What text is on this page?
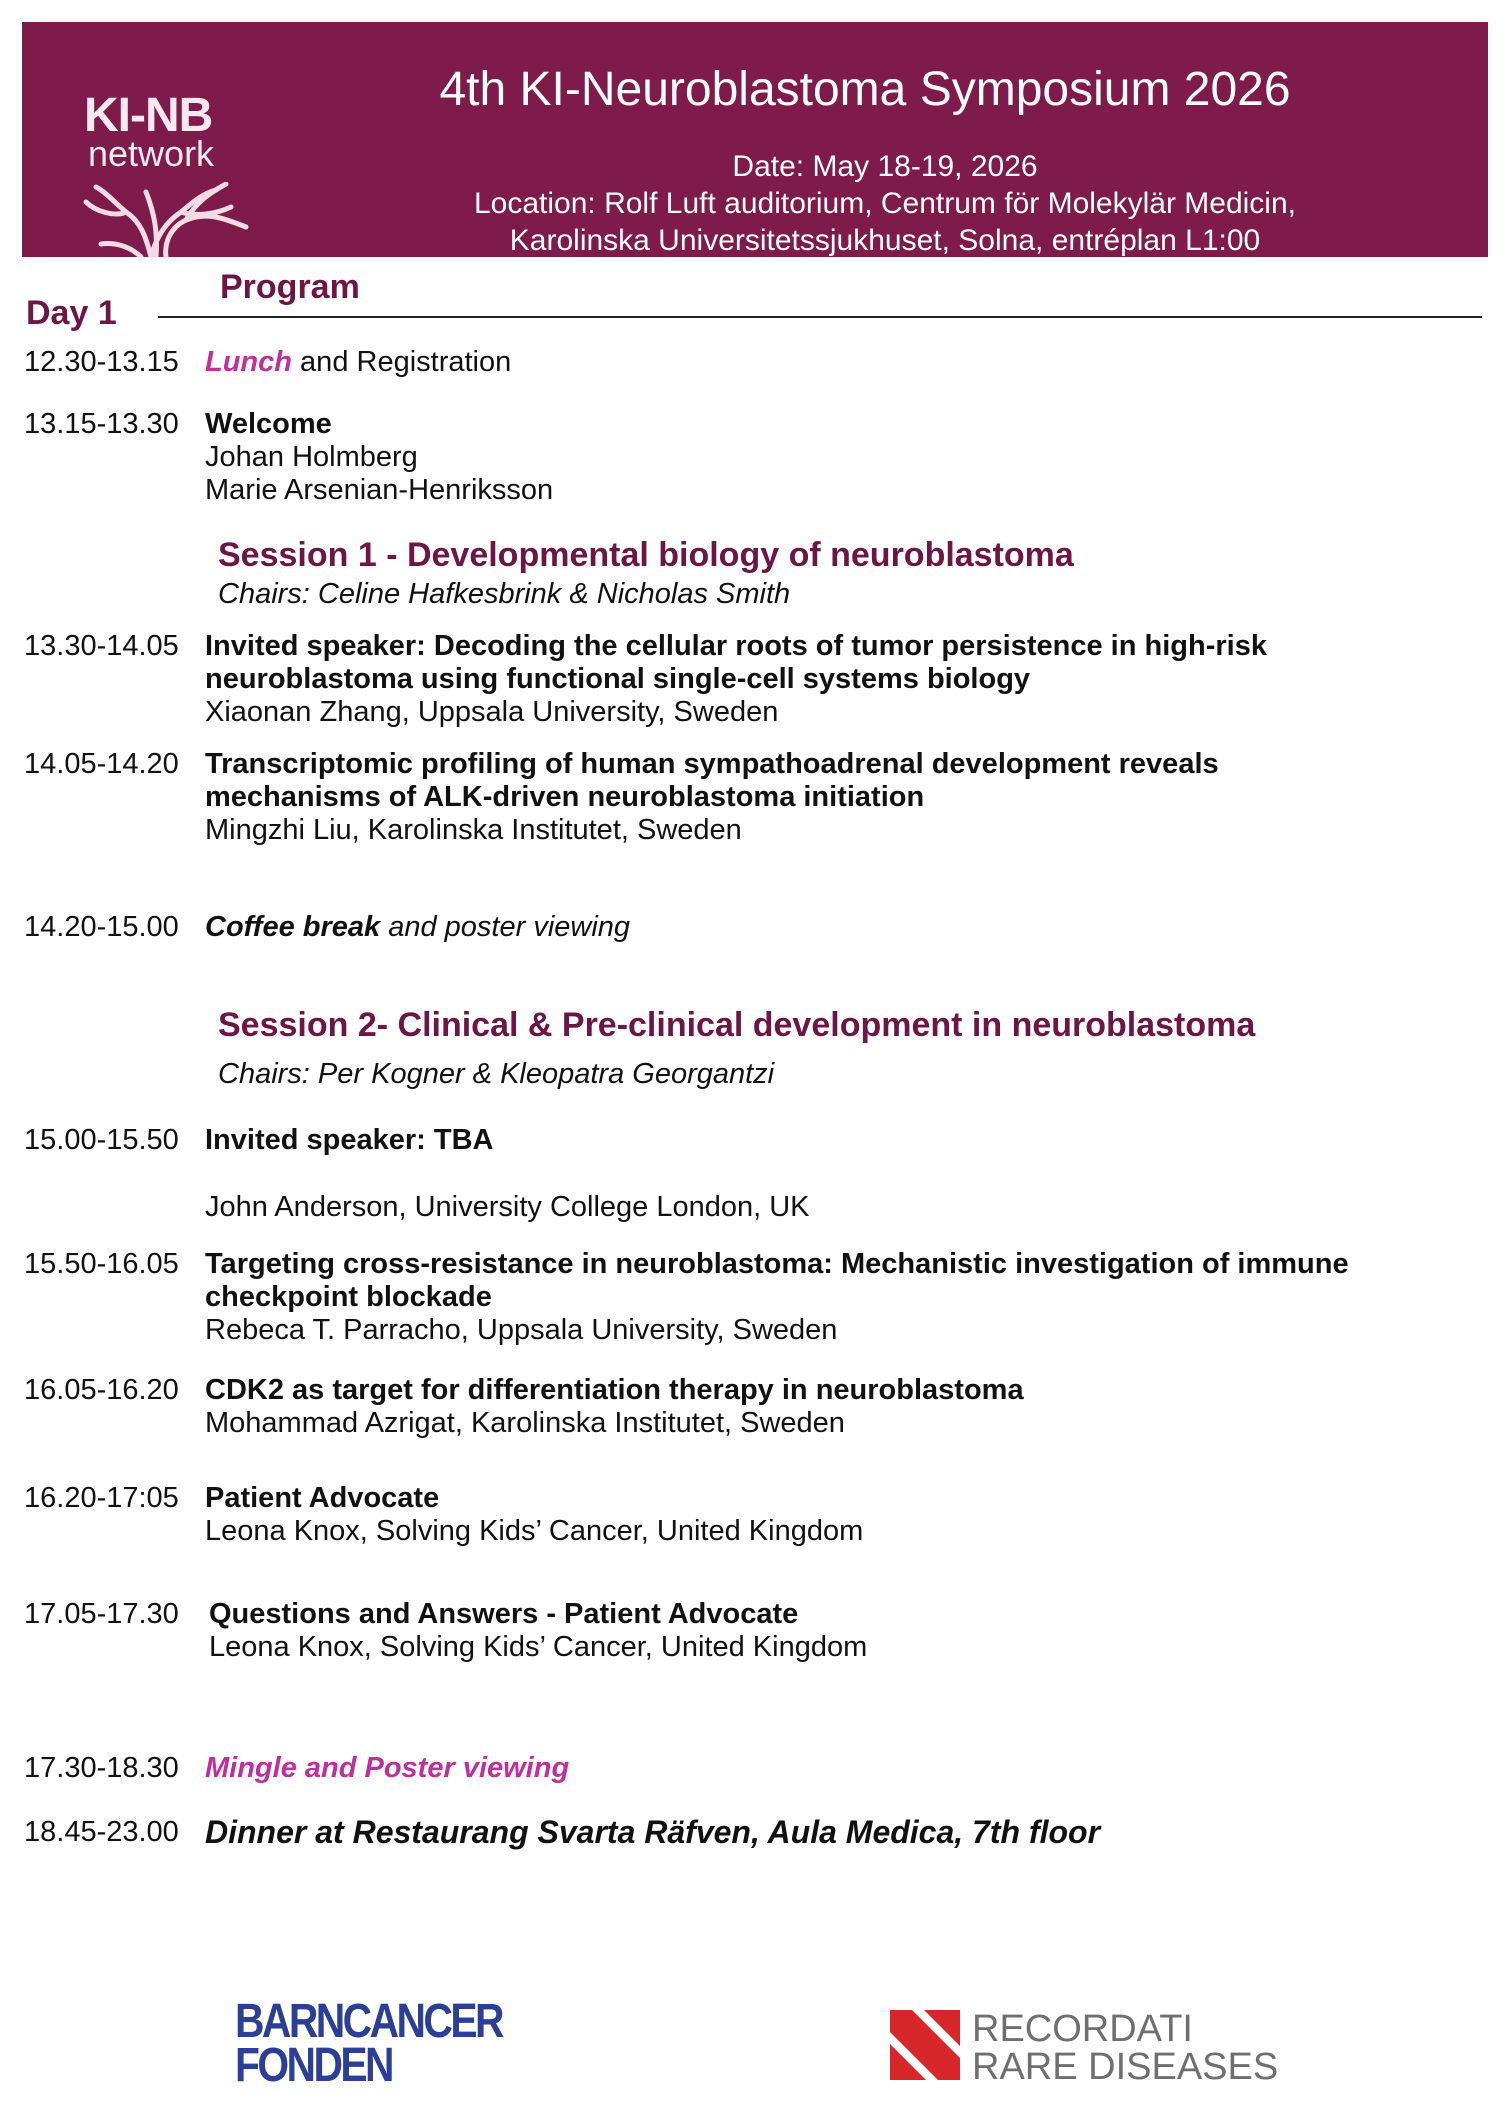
KI-NB
network
4th KI-Neuroblastoma Symposium 2026
Date: May 18-19, 2026
Location: Rolf Luft auditorium, Centrum för Molekylär Medicin,
Karolinska Universitetssjukhuset, Solna, entréplan L1:00
Program
Day 1
12.30-13.15 Lunch and Registration
13.15-13.30 Welcome
Johan Holmberg
Marie Arsenian-Henriksson
Session 1 - Developmental biology of neuroblastoma
Chairs: Celine Hafkesbrink & Nicholas Smith
13.30-14.05 Invited speaker: Decoding the cellular roots of tumor persistence in high-risk
neuroblastoma using functional single-cell systems biology
Xiaonan Zhang, Uppsala University, Sweden
14.05-14.20 Transcriptomic profiling of human sympathoadrenal development reveals
mechanisms of ALK-driven neuroblastoma initiation
Mingzhi Liu, Karolinska Institutet, Sweden
14.20-15.00 Coffee break and poster viewing
Session 2- Clinical & Pre-clinical development in neuroblastoma
Chairs: Per Kogner & Kleopatra Georgantzi
15.00-15.50 Invited speaker: TBA
John Anderson, University College London, UK
15.50-16.05 Targeting cross-resistance in neuroblastoma: Mechanistic investigation of immune
checkpoint blockade
Rebeca T. Parracho, Uppsala University, Sweden
16.05-16.20 CDK2 as target for differentiation therapy in neuroblastoma
Mohammad Azrigat, Karolinska Institutet, Sweden
16.20-17:05 Patient Advocate
Leona Knox, Solving Kids’ Cancer, United Kingdom
17.05-17.30	Questions and Answers - Patient Advocate
Leona Knox, Solving Kids’ Cancer, United Kingdom
17.30-18.30 Mingle and Poster viewing
18.45-23.00 Dinner at Restaurang Svarta Räfven, Aula Medica, 7th floor
BARNCANCER
FONDEN
RECORDATI
RARE DISEASES
